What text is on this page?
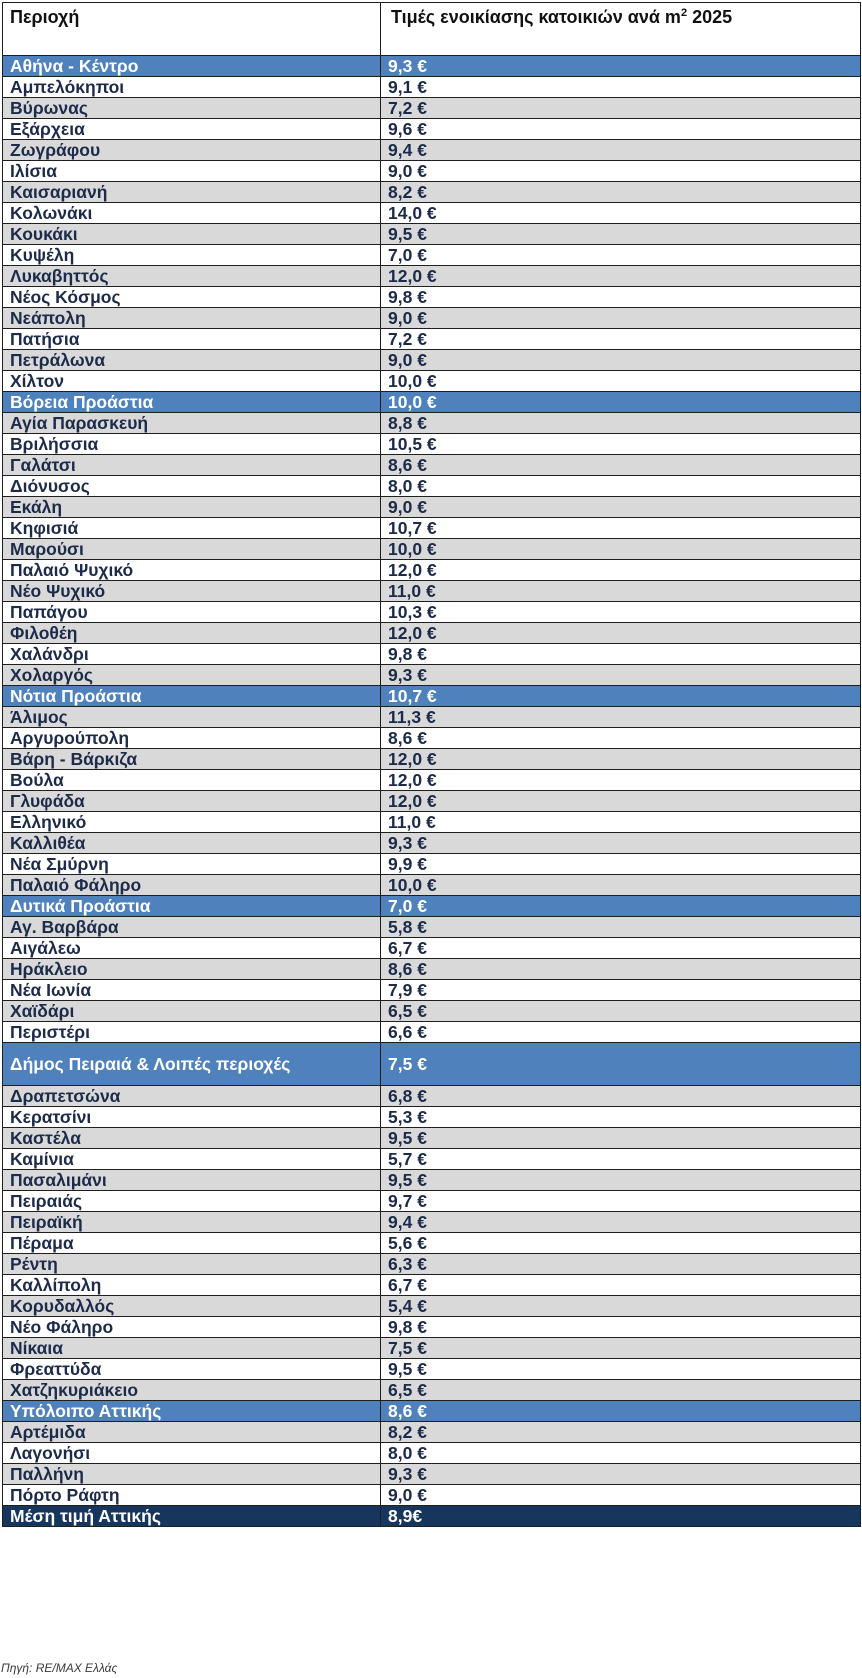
Περιοχή	Τιμές ενοικίασης κατοικιών ανά $m^2$ 2025
Αθήνα - Κέντρο	9,3 €
Αμπελόκηποι	9,1 €
Βύρωνας	7,2 €
Εξάρχεια	9,6 €
Ζωγράφου	9,4 €
Ιλίσια	9,0 €
Καισαριανή	8,2 €
Κολωνάκι	14,0 €
Κουκάκι	9,5 €
Κυψέλη	7,0 €
Λυκαβηττός	12,0 €
Νέος Κόσμος	9,8 €
Νεάπολη	9,0 €
Πατήσια	7,2 €
Πετράλωνα	9,0 €
Χίλτον	10,0 €
Βόρεια Προάστια	10,0 €
Αγία Παρασκευή	8,8 €
Βριλήσσια	10,5 €
Γαλάτσι	8,6 €
Διόνυσος	8,0 €
Εκάλη	9,0 €
Κηφισιά	10,7 €
Μαρούσι	10,0 €
Παλαιό Ψυχικό	12,0 €
Νέο Ψυχικό	11,0 €
Παπάγου	10,3 €
Φιλοθέη	12,0 €
Χαλάνδρι	9,8 €
Χολαργός	9,3 €
Νότια Προάστια	10,7 €
Άλιμος	11,3 €
Αργυρούπολη	8,6 €
Βάρη - Βάρκιζα	12,0 €
Βούλα	12,0 €
Γλυφάδα	12,0 €
Ελληνικό	11,0 €
Καλλιθέα	9,3 €
Νέα Σμύρνη	9,9 €
Παλαιό Φάληρο	10,0 €
Δυτικά Προάστια	7,0 €
Αγ. Βαρβάρα	5,8 €
Αιγάλεω	6,7 €
Ηράκλειο	8,6 €
Νέα Ιωνία	7,9 €
Χαϊδάρι	6,5 €
Περιστέρι	6,6 €
Δήμος Πειραιά & Λοιπές περιοχές	7,5 €
Δραπετσώνα	6,8 €
Κερατσίνι	5,3 €
Καστέλα	9,5 €
Καμίνια	5,7 €
Πασαλιμάνι	9,5 €
Πειραιάς	9,7 €
Πειραϊκή	9,4 €
Πέραμα	5,6 €
Ρέντη	6,3 €
Καλλίπολη	6,7 €
Κορυδαλλός	5,4 €
Νέο Φάληρο	9,8 €
Νίκαια	7,5 €
Φρεαττύδα	9,5 €
Χατζηκυριάκειο	6,5 €
Υπόλοιπο Αττικής	8,6 €
Αρτέμιδα	8,2 €
Λαγονήσι	8,0 €
Παλλήνη	9,3 €
Πόρτο Ράφτη	9,0 €
Μέση τιμή Αττικής	8,9€
Πηγή: RE/MAX Ελλάς
